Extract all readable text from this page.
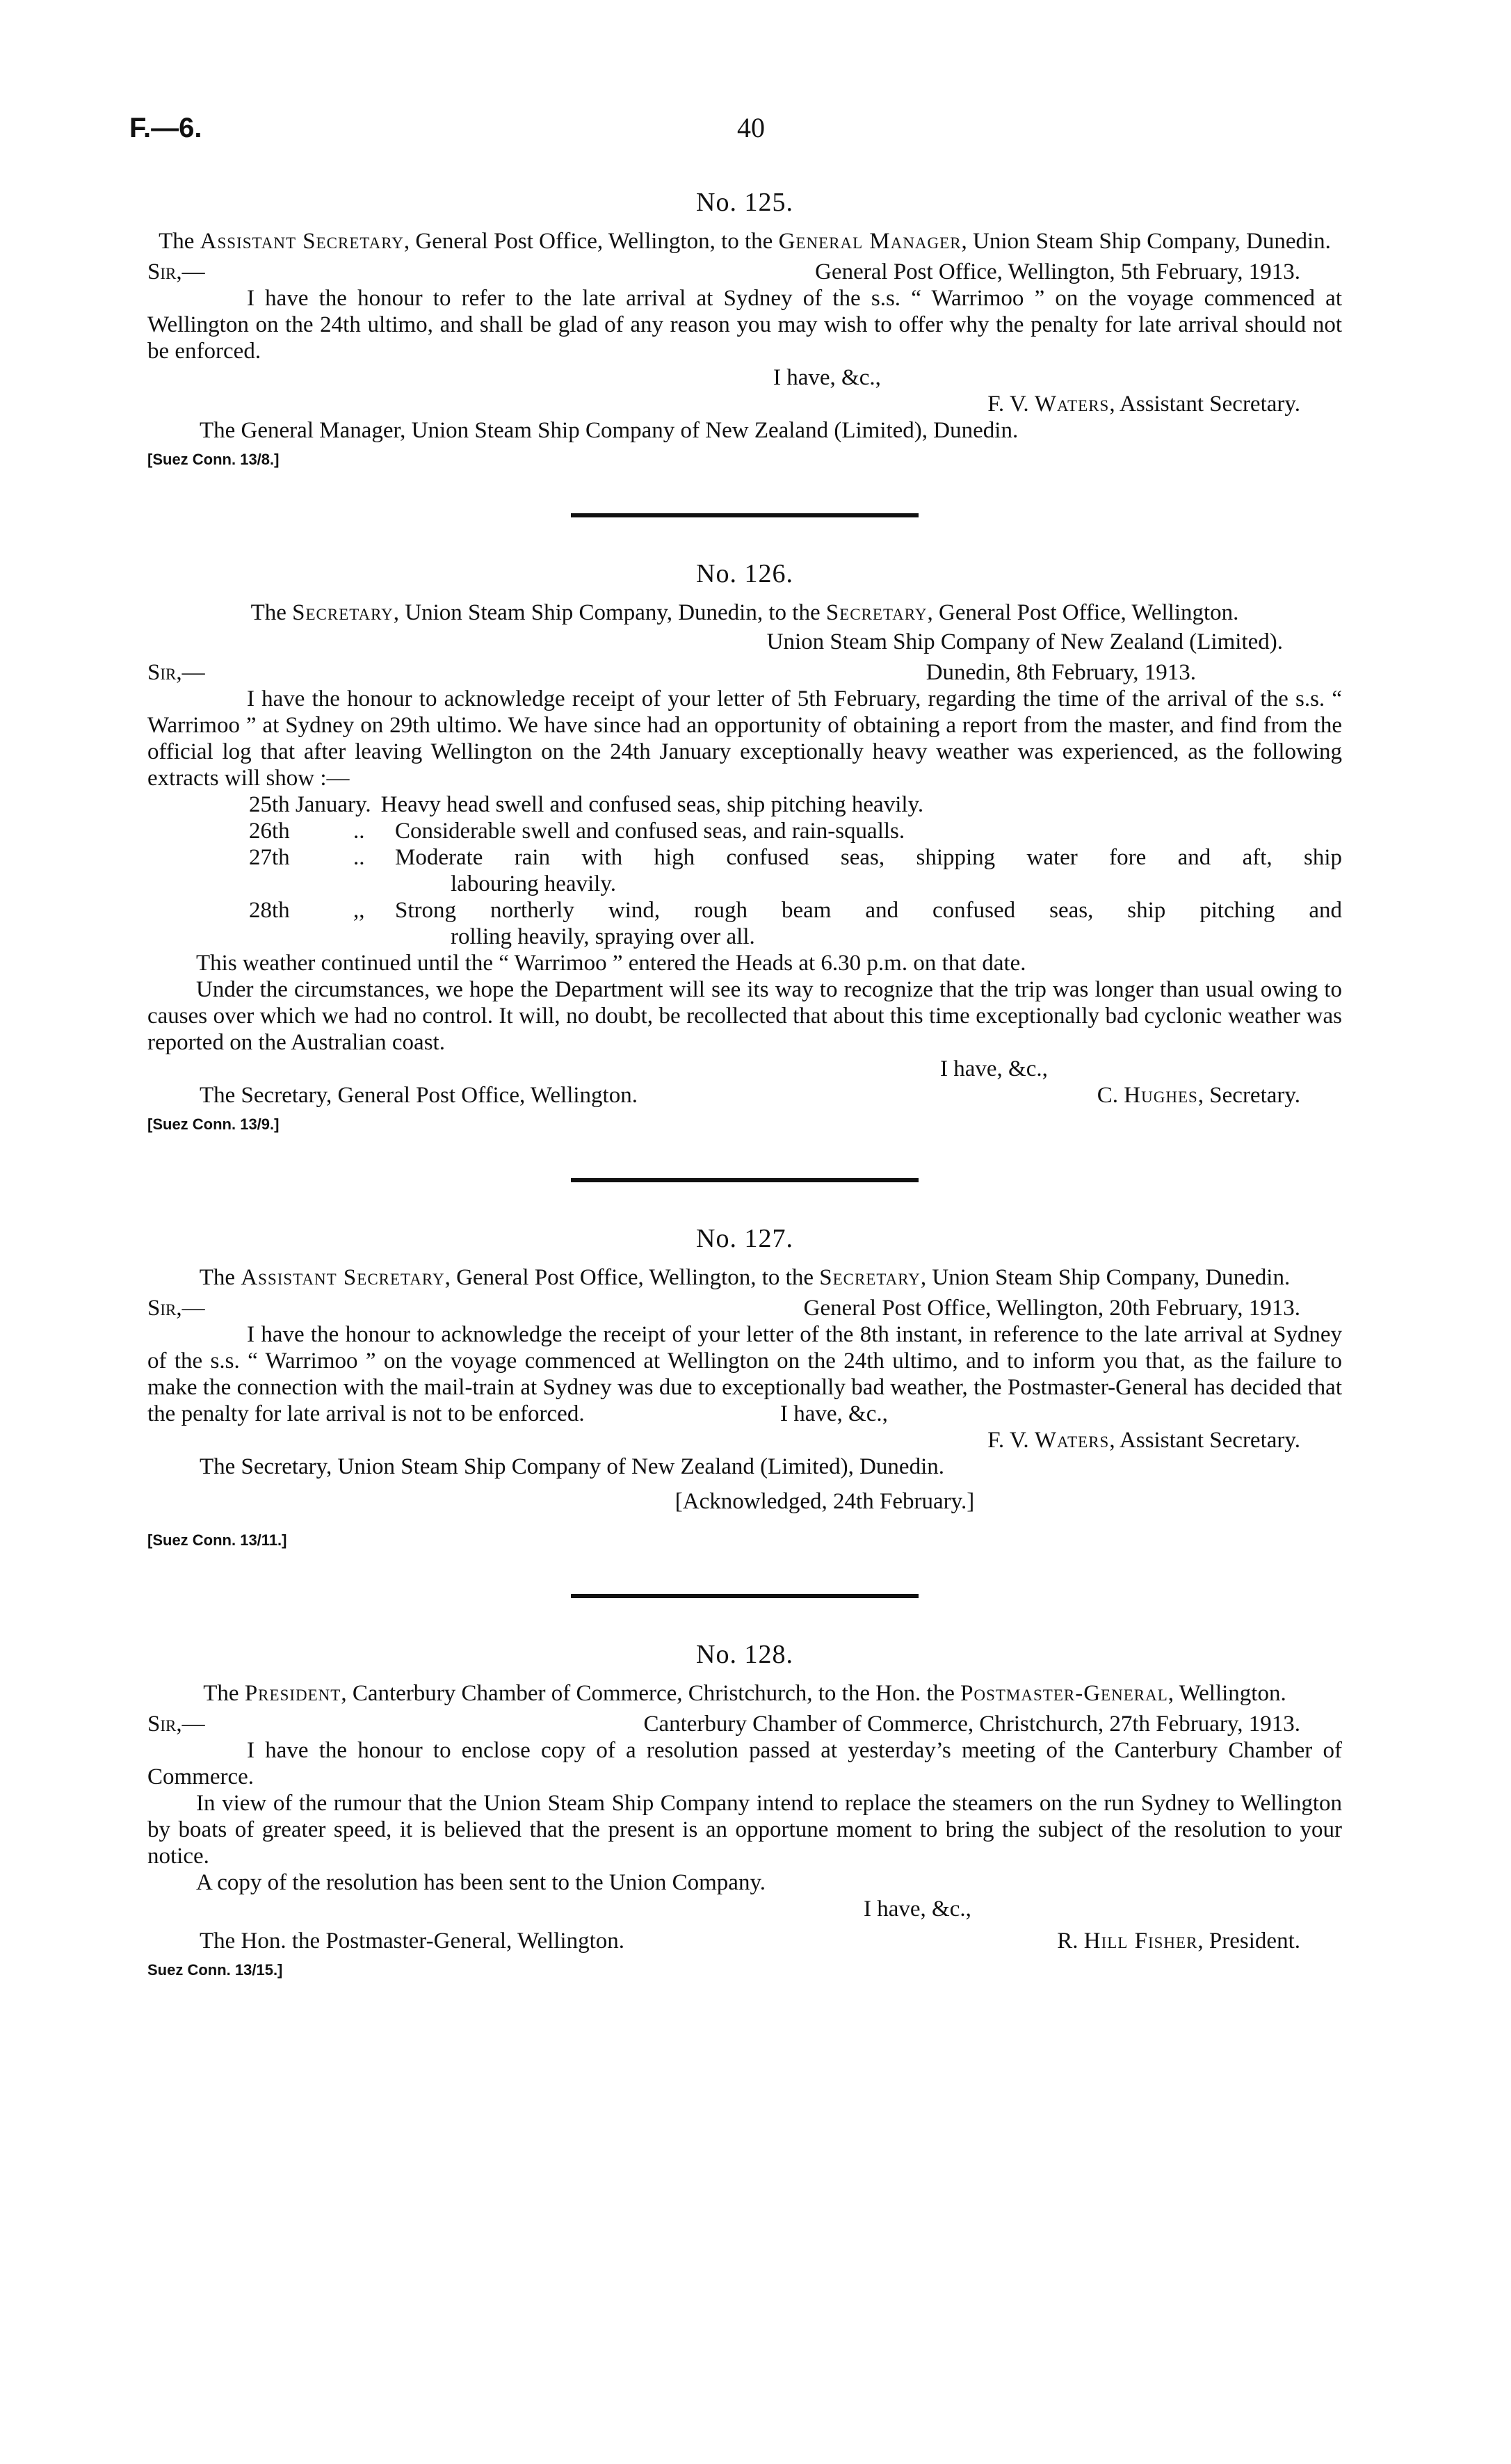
F.—6.	40
No. 125.
The Assistant Secretary, General Post Office, Wellington, to the General Manager, Union Steam Ship Company, Dunedin.
Sir,—	General Post Office, Wellington, 5th February, 1913.

I have the honour to refer to the late arrival at Sydney of the s.s. “ Warrimoo ” on the voyage commenced at Wellington on the 24th ultimo, and shall be glad of any reason you may wish to offer why the penalty for late arrival should not be enforced.

I have, &c.,
F. V. Waters, Assistant Secretary.
The General Manager, Union Steam Ship Company of New Zealand (Limited), Dunedin.
[Suez Conn. 13/8.]
No. 126.
The Secretary, Union Steam Ship Company, Dunedin, to the Secretary, General Post Office, Wellington.
Union Steam Ship Company of New Zealand (Limited).
Sir,—	Dunedin, 8th February, 1913.

I have the honour to acknowledge receipt of your letter of 5th February, regarding the time of the arrival of the s.s. “ Warrimoo ” at Sydney on 29th ultimo. We have since had an opportunity of obtaining a report from the master, and find from the official log that after leaving Wellington on the 24th January exceptionally heavy weather was experienced, as the following extracts will show :—

25th January. Heavy head swell and confused seas, ship pitching heavily.
26th	..	Considerable swell and confused seas, and rain-squalls.
27th	..	Moderate rain with high confused seas, shipping water fore and aft, ship
labouring heavily.
28th	,,	Strong northerly wind, rough beam and confused seas, ship pitching and
rolling heavily, spraying over all.

This weather continued until the “ Warrimoo ” entered the Heads at 6.30 p.m. on that date.

Under the circumstances, we hope the Department will see its way to recognize that the trip was longer than usual owing to causes over which we had no control. It will, no doubt, be recollected that about this time exceptionally bad cyclonic weather was reported on the Australian coast.

I have, &c.,
The Secretary, General Post Office, Wellington.	C. Hughes, Secretary.
[Suez Conn. 13/9.]
No. 127.
The Assistant Secretary, General Post Office, Wellington, to the Secretary, Union Steam Ship Company, Dunedin.
Sir,—	General Post Office, Wellington, 20th February, 1913.

I have the honour to acknowledge the receipt of your letter of the 8th instant, in reference to the late arrival at Sydney of the s.s. “ Warrimoo ” on the voyage commenced at Wellington on the 24th ultimo, and to inform you that, as the failure to make the connection with the mail-train at Sydney was due to exceptionally bad weather, the Postmaster-General has decided that the penalty for late arrival is not to be enforced.	I have, &c.,
F. V. Waters, Assistant Secretary.
The Secretary, Union Steam Ship Company of New Zealand (Limited), Dunedin.
[Acknowledged, 24th February.]
[Suez Conn. 13/11.]
No. 128.
The President, Canterbury Chamber of Commerce, Christchurch, to the Hon. the Postmaster-General, Wellington.
Sir,—	Canterbury Chamber of Commerce, Christchurch, 27th February, 1913.

I have the honour to enclose copy of a resolution passed at yesterday’s meeting of the Canterbury Chamber of Commerce.

In view of the rumour that the Union Steam Ship Company intend to replace the steamers on the run Sydney to Wellington by boats of greater speed, it is believed that the present is an opportune moment to bring the subject of the resolution to your notice.

A copy of the resolution has been sent to the Union Company.

I have, &c.,
The Hon. the Postmaster-General, Wellington.	R. Hill Fisher, President.
Suez Conn. 13/15.]
